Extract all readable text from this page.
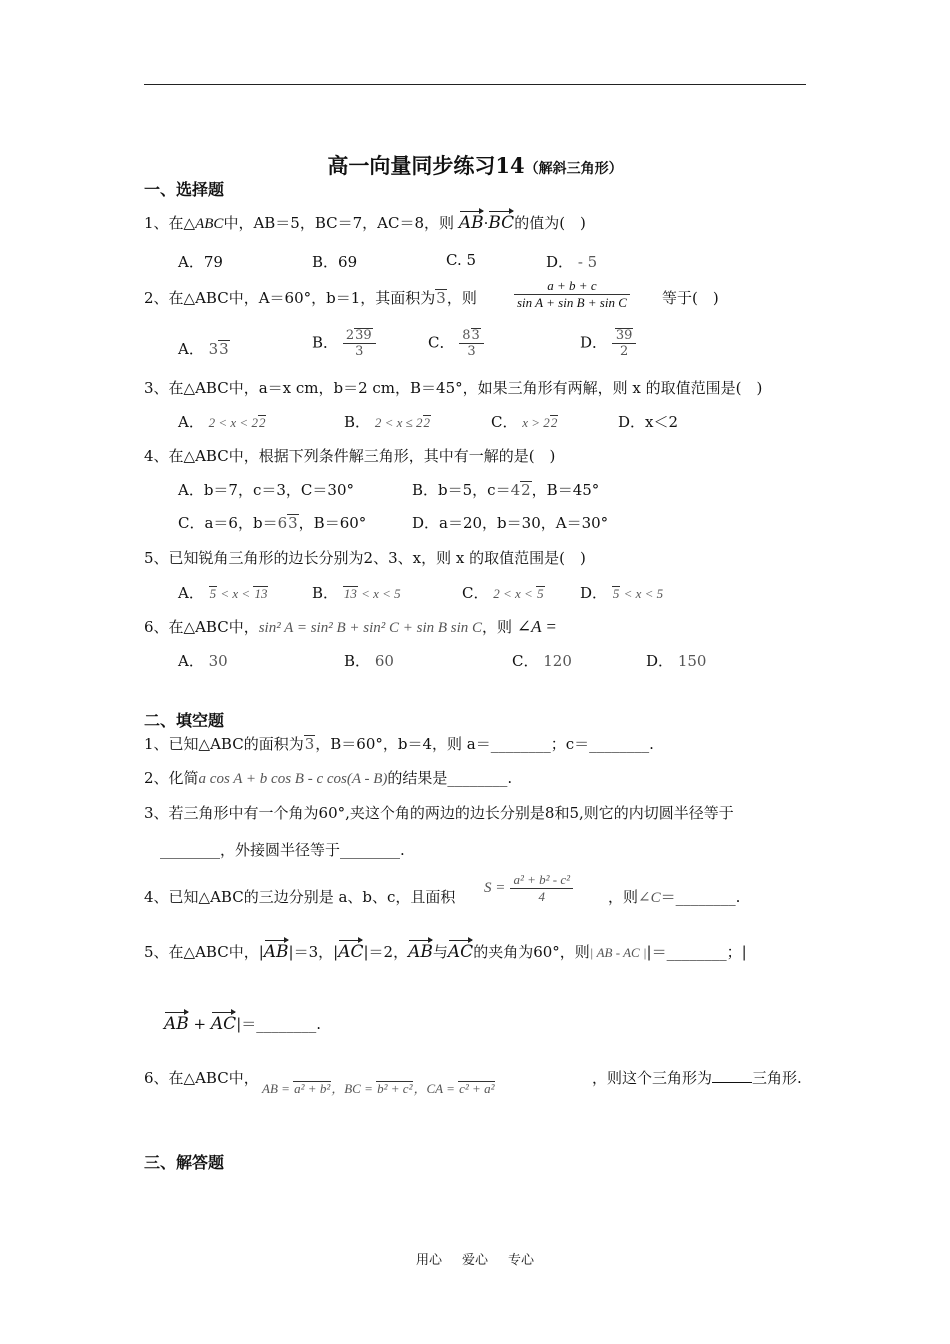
高一向量同步练习14（解斜三角形）
一、选择题
1、在△ABC中，AB＝5，BC＝7，AC＝8，则 AB·BC的值为(　)
A．79	B．69	C. 5	D． - 5
2、在△ABC中，A＝60°，b＝1，其面积为3，则	$\frac{a + b + c}{\text{sin A + sin B + sin C}}$ 等于(　)
A． 33	B． $\frac{239}{3}$	C． $\frac{83}{3}$	D． $\frac{39}{2}$
3、在△ABC中，a＝x cm，b＝2 cm，B＝45°，如果三角形有两解，则 x 的取值范围是(　)
A． 2 < x < 22	B． 2 < x ≤ 22	C． x > 22	D．x＜2
4、在△ABC中，根据下列条件解三角形，其中有一解的是(　)
A．b＝7，c＝3，C＝30°	B．b＝5，c＝42，B＝45°
C．a＝6，b＝63，B＝60°	D．a＝20，b＝30，A＝30°
5、已知锐角三角形的边长分别为2、3、x，则 x 的取值范围是(　)
A． 5 < x < 13	B． 13 < x < 5	C． 2 < x < 5 D． 5 < x < 5
6、在△ABC中，sin² A = sin² B + sin² C + sin B sin C，则 ∠A =
A． 30	B． 60	C． 120	D． 150
二、填空题
1、已知△ABC的面积为3，B＝60°，b＝4，则 a＝________；c＝________.
2、化简a cos A + b cos B - c cos(A - B)的结果是________.
3、若三角形中有一个角为60°,夹这个角的两边的边长分别是8和5,则它的内切圆半径等于
________，外接圆半径等于________.
4、已知△ABC的三边分别是 a、b、c，且面积 $S = \frac{\text{a² + b² - c²}}{4}$ ，则∠C＝________.
5、在△ABC中，|AB|＝3，|AC|＝2，AB与AC的夹角为60°，则| AB - AC ||＝________；|
AB + AC|＝________.
6、在△ABC中，
AB = a² + b²，BC = b² + c²，CA = c² + a²
，则这个三角形为	三角形.
三、解答题
用心 爱心 专心
